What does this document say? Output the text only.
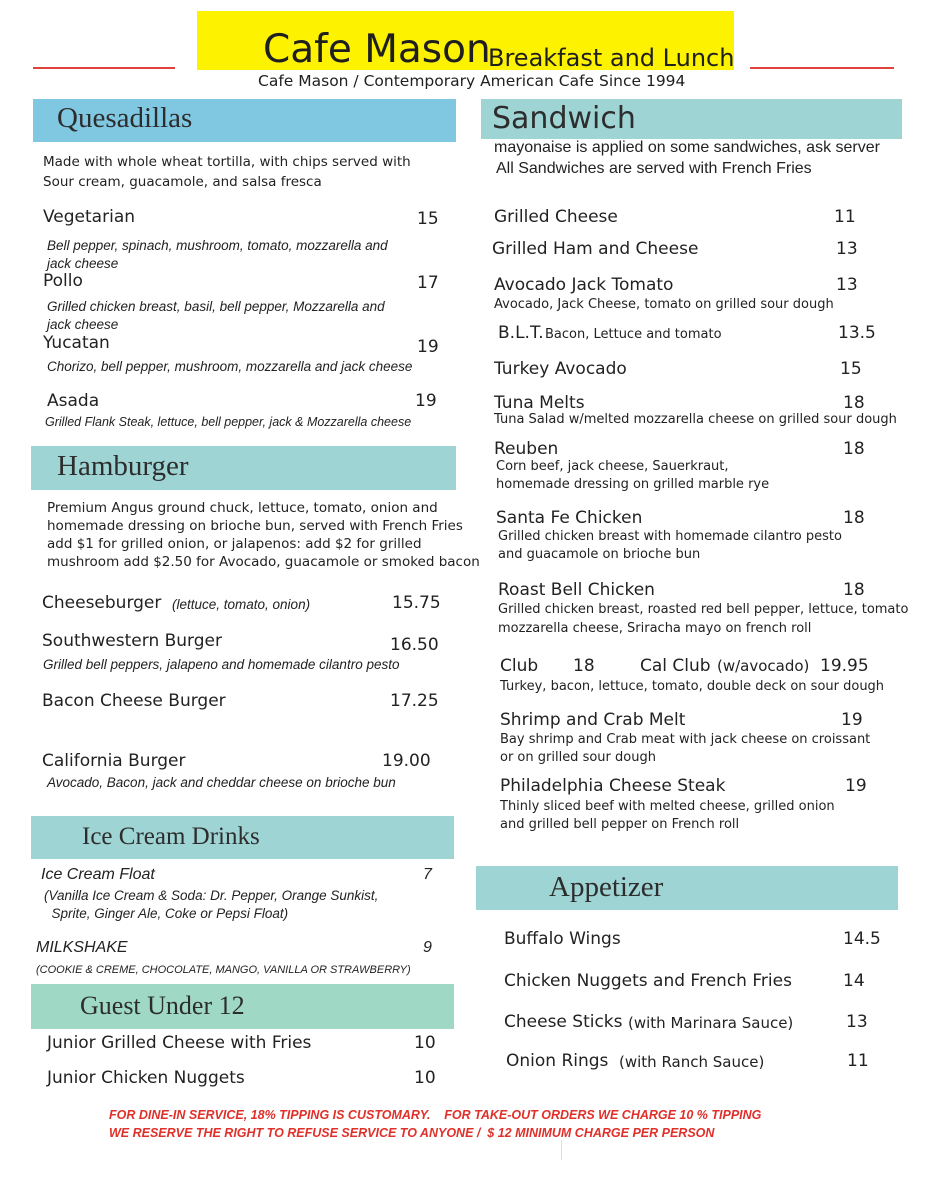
Cafe Mason
Breakfast and Lunch
Cafe Mason / Contemporary American Cafe Since 1994
Quesadillas
Made with whole wheat tortilla, with chips served with
Sour cream, guacamole, and salsa fresca
Vegetarian	15
Bell pepper, spinach, mushroom, tomato, mozzarella and
jack cheese
Pollo	17
Grilled chicken breast, basil, bell pepper, Mozzarella and
jack cheese
Yucatan	19
Chorizo, bell pepper, mushroom, mozzarella and jack cheese
Asada	19
Grilled Flank Steak, lettuce, bell pepper, jack & Mozzarella cheese
Hamburger
Premium Angus ground chuck, lettuce, tomato, onion and
homemade dressing on brioche bun, served with French Fries
add $1 for grilled onion, or jalapenos: add $2 for grilled
mushroom add $2.50 for Avocado, guacamole or smoked bacon
Cheeseburger (lettuce, tomato, onion)	15.75
Southwestern Burger	16.50
Grilled bell peppers, jalapeno and homemade cilantro pesto
Bacon Cheese Burger	17.25
California Burger	19.00
Avocado, Bacon, jack and cheddar cheese on brioche bun
Ice Cream Drinks
Ice Cream Float	7
(Vanilla Ice Cream & Soda: Dr. Pepper, Orange Sunkist,
Sprite, Ginger Ale, Coke or Pepsi Float)
MILKSHAKE	9
(COOKIE & CREME, CHOCOLATE, MANGO, VANILLA OR STRAWBERRY)
Guest Under 12
Junior Grilled Cheese with Fries	10
Junior Chicken Nuggets	10
Sandwich
mayonaise is applied on some sandwiches, ask server
All Sandwiches are served with French Fries
Grilled Cheese	11
Grilled Ham and Cheese	13
Avocado Jack Tomato	13
Avocado, Jack Cheese, tomato on grilled sour dough
B.L.T. Bacon, Lettuce and tomato	13.5
Turkey Avocado	15
Tuna Melts	18
Tuna Salad w/melted mozzarella cheese on grilled sour dough
Reuben	18
Corn beef, jack cheese, Sauerkraut,
homemade dressing on grilled marble rye
Santa Fe Chicken	18
Grilled chicken breast with homemade cilantro pesto
and guacamole on brioche bun
Roast Bell Chicken	18
Grilled chicken breast, roasted red bell pepper, lettuce, tomato
mozzarella cheese, Sriracha mayo on french roll
Club 18	Cal Club (w/avocado) 19.95
Turkey, bacon, lettuce, tomato, double deck on sour dough
Shrimp and Crab Melt	19
Bay shrimp and Crab meat with jack cheese on croissant
or on grilled sour dough
Philadelphia Cheese Steak	19
Thinly sliced beef with melted cheese, grilled onion
and grilled bell pepper on French roll
Appetizer
Buffalo Wings	14.5
Chicken Nuggets and French Fries	14
Cheese Sticks (with Marinara Sauce)	13
Onion Rings (with Ranch Sauce)	11
FOR DINE-IN SERVICE, 18% TIPPING IS CUSTOMARY.    FOR TAKE-OUT ORDERS WE CHARGE 10 % TIPPING
WE RESERVE THE RIGHT TO REFUSE SERVICE TO ANYONE /  $ 12 MINIMUM CHARGE PER PERSON
